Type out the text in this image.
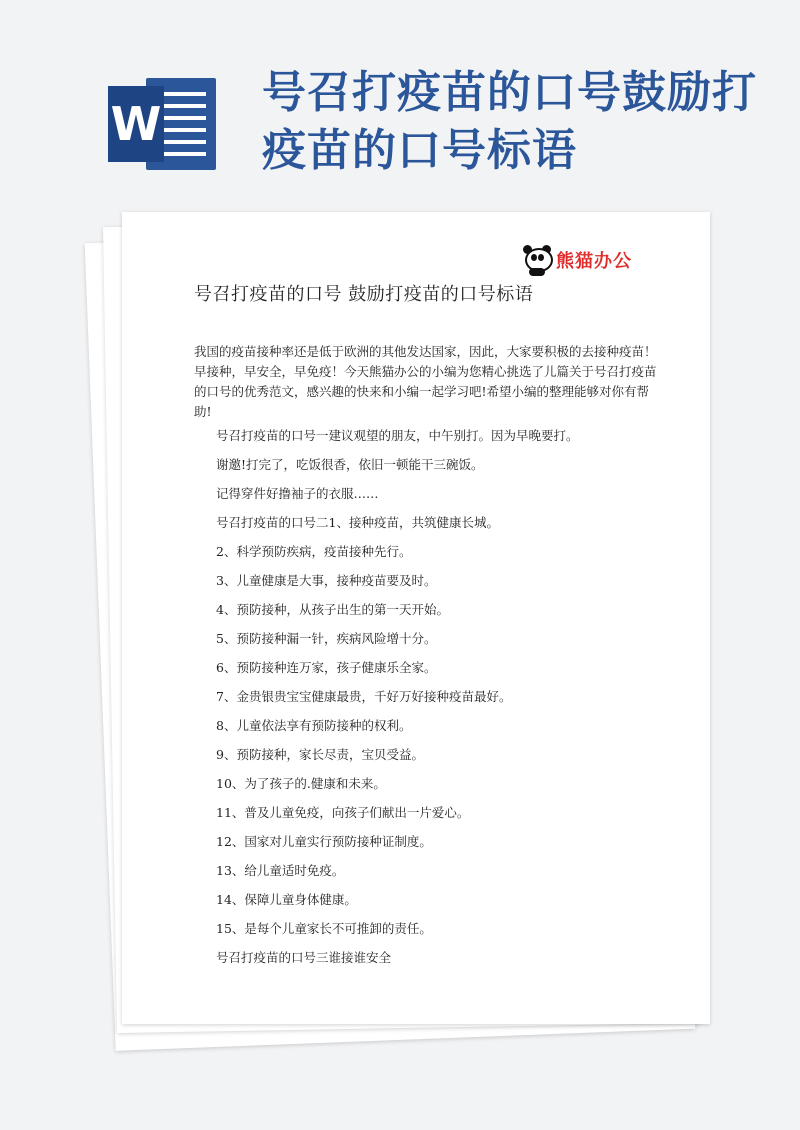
W
号召打疫苗的口号鼓励打疫苗的口号标语
熊猫办公
号召打疫苗的口号 鼓励打疫苗的口号标语
我国的疫苗接种率还是低于欧洲的其他发达国家，因此，大家要积极的去接种疫苗！早接种，早安全，早免疫！今天熊猫办公的小编为您精心挑选了儿篇关于号召打疫苗的口号的优秀范文，感兴趣的快来和小编一起学习吧!希望小编的整理能够对你有帮助!
号召打疫苗的口号一建议观望的朋友，中午别打。因为早晚要打。
谢邀!打完了，吃饭很香，依旧一顿能干三碗饭。
记得穿件好撸袖子的衣服……
号召打疫苗的口号二1、接种疫苗，共筑健康长城。
2、科学预防疾病，疫苗接种先行。
3、儿童健康是大事，接种疫苗要及时。
4、预防接种，从孩子出生的第一天开始。
5、预防接种漏一针，疾病风险增十分。
6、预防接种连万家，孩子健康乐全家。
7、金贵银贵宝宝健康最贵，千好万好接种疫苗最好。
8、儿童依法享有预防接种的权利。
9、预防接种，家长尽责，宝贝受益。
10、为了孩子的.健康和未来。
11、普及儿童免疫，向孩子们献出一片爱心。
12、国家对儿童实行预防接种证制度。
13、给儿童适时免疫。
14、保障儿童身体健康。
15、是每个儿童家长不可推卸的责任。
号召打疫苗的口号三谁接谁安全
